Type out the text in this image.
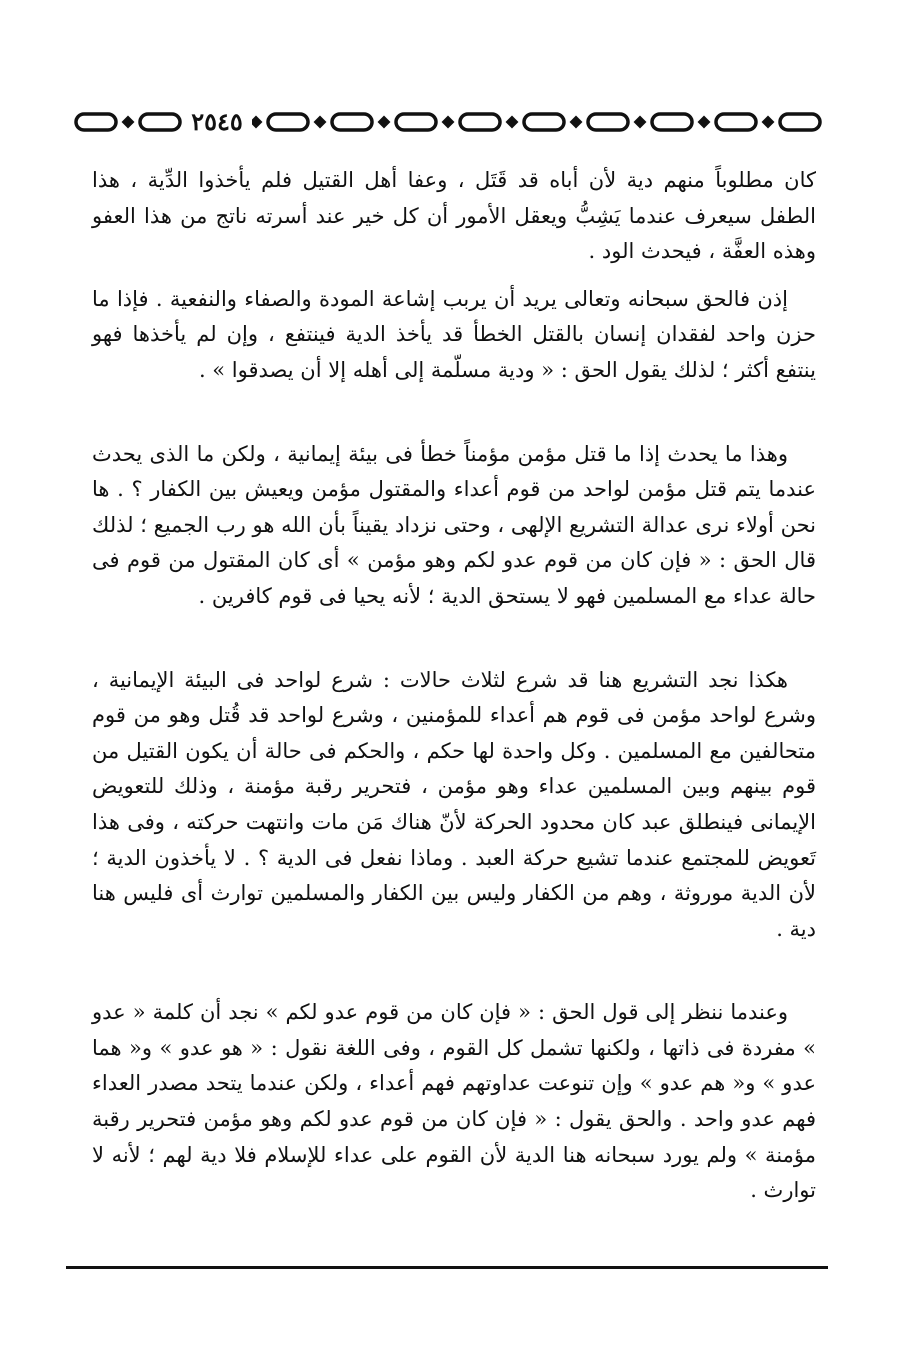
٢٥٤٥

كان مطلوباً منهم دية لأن أباه قد قَتَل ، وعفا أهل القتيل فلم يأخذوا الدِّية ، هذا الطفل سيعرف عندما يَشِبُّ ويعقل الأمور أن كل خير عند أسرته ناتج من هذا العفو وهذه العفَّة ، فيحدث الود .

إذن فالحق سبحانه وتعالى يريد أن يربب إشاعة المودة والصفاء والنفعية . فإذا ما حزن واحد لفقدان إنسان بالقتل الخطأ قد يأخذ الدية فينتفع ، وإن لم يأخذها فهو ينتفع أكثر ؛ لذلك يقول الحق : « ودية مسلّمة إلى أهله إلا أن يصدقوا » .

وهذا ما يحدث إذا ما قتل مؤمن مؤمناً خطأ فى بيئة إيمانية ، ولكن ما الذى يحدث عندما يتم قتل مؤمن لواحد من قوم أعداء والمقتول مؤمن ويعيش بين الكفار ؟ . ها نحن أولاء نرى عدالة التشريع الإلهى ، وحتى نزداد يقيناً بأن الله هو رب الجميع ؛ لذلك قال الحق : « فإن كان من قوم عدو لكم وهو مؤمن » أى كان المقتول من قوم فى حالة عداء مع المسلمين فهو لا يستحق الدية ؛ لأنه يحيا فى قوم كافرين .

هكذا نجد التشريع هنا قد شرع لثلاث حالات : شرع لواحد فى البيئة الإيمانية ، وشرع لواحد مؤمن فى قوم هم أعداء للمؤمنين ، وشرع لواحد قد قُتل وهو من قوم متحالفين مع المسلمين . وكل واحدة لها حكم ، والحكم فى حالة أن يكون القتيل من قوم بينهم وبين المسلمين عداء وهو مؤمن ، فتحرير رقبة مؤمنة ، وذلك للتعويض الإيمانى فينطلق عبد كان محدود الحركة لأنّ هناك مَن مات وانتهت حركته ، وفى هذا تَعويض للمجتمع عندما تشيع حركة العبد . وماذا نفعل فى الدية ؟ . لا يأخذون الدية ؛ لأن الدية موروثة ، وهم من الكفار وليس بين الكفار والمسلمين توارث أى فليس هنا دية .

وعندما ننظر إلى قول الحق : « فإن كان من قوم عدو لكم » نجد أن كلمة « عدو » مفردة فى ذاتها ، ولكنها تشمل كل القوم ، وفى اللغة نقول : « هو عدو » و« هما عدو » و« هم عدو » وإن تنوعت عداوتهم فهم أعداء ، ولكن عندما يتحد مصدر العداء فهم عدو واحد . والحق يقول : « فإن كان من قوم عدو لكم وهو مؤمن فتحرير رقبة مؤمنة » ولم يورد سبحانه هنا الدية لأن القوم على عداء للإسلام فلا دية لهم ؛ لأنه لا توارث .
